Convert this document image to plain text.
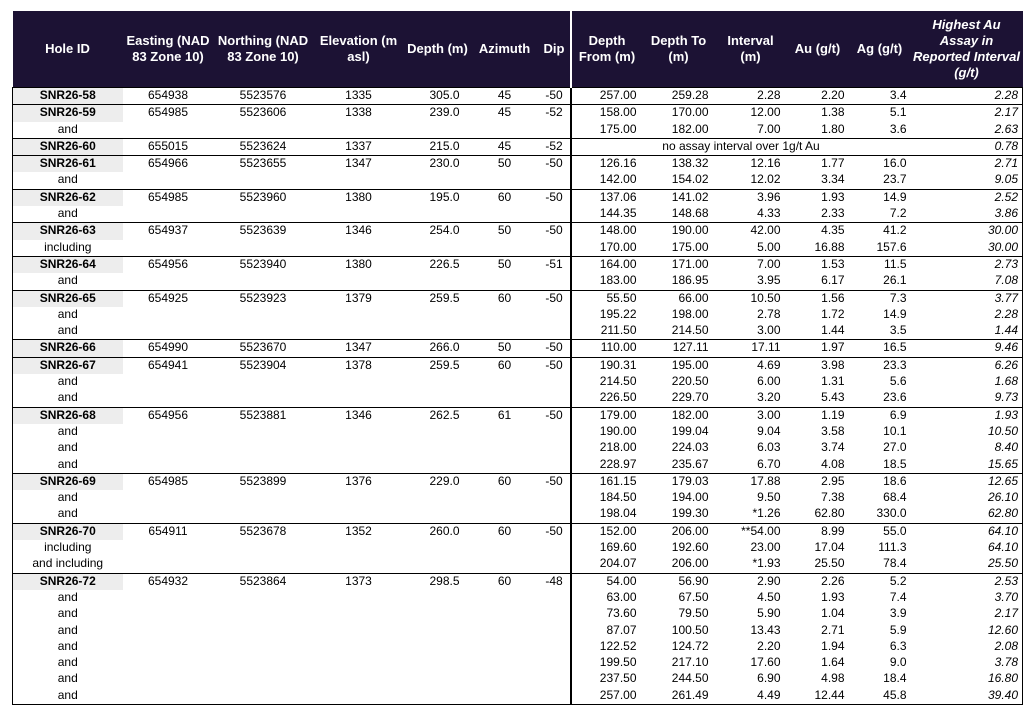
Hole ID	Easting (NAD 83 Zone 10)	Northing (NAD 83 Zone 10)	Elevation (m asl)	Depth (m)	Azimuth	Dip	Depth From (m)	Depth To (m)	Interval (m)	Au (g/t)	Ag (g/t)	Highest Au Assay in Reported Interval (g/t)
SNR26-58	654938	5523576	1335	305.0	45	-50	257.00	259.28	2.28	2.20	3.4	2.28
SNR26-59	654985	5523606	1338	239.0	45	-52	158.00	170.00	12.00	1.38	5.1	2.17
and							175.00	182.00	7.00	1.80	3.6	2.63
SNR26-60	655015	5523624	1337	215.0	45	-52	no assay interval over 1g/t Au					0.78
SNR26-61	654966	5523655	1347	230.0	50	-50	126.16	138.32	12.16	1.77	16.0	2.71
and							142.00	154.02	12.02	3.34	23.7	9.05
SNR26-62	654985	5523960	1380	195.0	60	-50	137.06	141.02	3.96	1.93	14.9	2.52
and							144.35	148.68	4.33	2.33	7.2	3.86
SNR26-63	654937	5523639	1346	254.0	50	-50	148.00	190.00	42.00	4.35	41.2	30.00
including							170.00	175.00	5.00	16.88	157.6	30.00
SNR26-64	654956	5523940	1380	226.5	50	-51	164.00	171.00	7.00	1.53	11.5	2.73
and							183.00	186.95	3.95	6.17	26.1	7.08
SNR26-65	654925	5523923	1379	259.5	60	-50	55.50	66.00	10.50	1.56	7.3	3.77
and							195.22	198.00	2.78	1.72	14.9	2.28
and							211.50	214.50	3.00	1.44	3.5	1.44
SNR26-66	654990	5523670	1347	266.0	50	-50	110.00	127.11	17.11	1.97	16.5	9.46
SNR26-67	654941	5523904	1378	259.5	60	-50	190.31	195.00	4.69	3.98	23.3	6.26
and							214.50	220.50	6.00	1.31	5.6	1.68
and							226.50	229.70	3.20	5.43	23.6	9.73
SNR26-68	654956	5523881	1346	262.5	61	-50	179.00	182.00	3.00	1.19	6.9	1.93
and							190.00	199.04	9.04	3.58	10.1	10.50
and							218.00	224.03	6.03	3.74	27.0	8.40
and							228.97	235.67	6.70	4.08	18.5	15.65
SNR26-69	654985	5523899	1376	229.0	60	-50	161.15	179.03	17.88	2.95	18.6	12.65
and							184.50	194.00	9.50	7.38	68.4	26.10
and							198.04	199.30	*1.26	62.80	330.0	62.80
SNR26-70	654911	5523678	1352	260.0	60	-50	152.00	206.00	**54.00	8.99	55.0	64.10
including							169.60	192.60	23.00	17.04	111.3	64.10
and including							204.07	206.00	*1.93	25.50	78.4	25.50
SNR26-72	654932	5523864	1373	298.5	60	-48	54.00	56.90	2.90	2.26	5.2	2.53
and							63.00	67.50	4.50	1.93	7.4	3.70
and							73.60	79.50	5.90	1.04	3.9	2.17
and							87.07	100.50	13.43	2.71	5.9	12.60
and							122.52	124.72	2.20	1.94	6.3	2.08
and							199.50	217.10	17.60	1.64	9.0	3.78
and							237.50	244.50	6.90	4.98	18.4	16.80
and							257.00	261.49	4.49	12.44	45.8	39.40
